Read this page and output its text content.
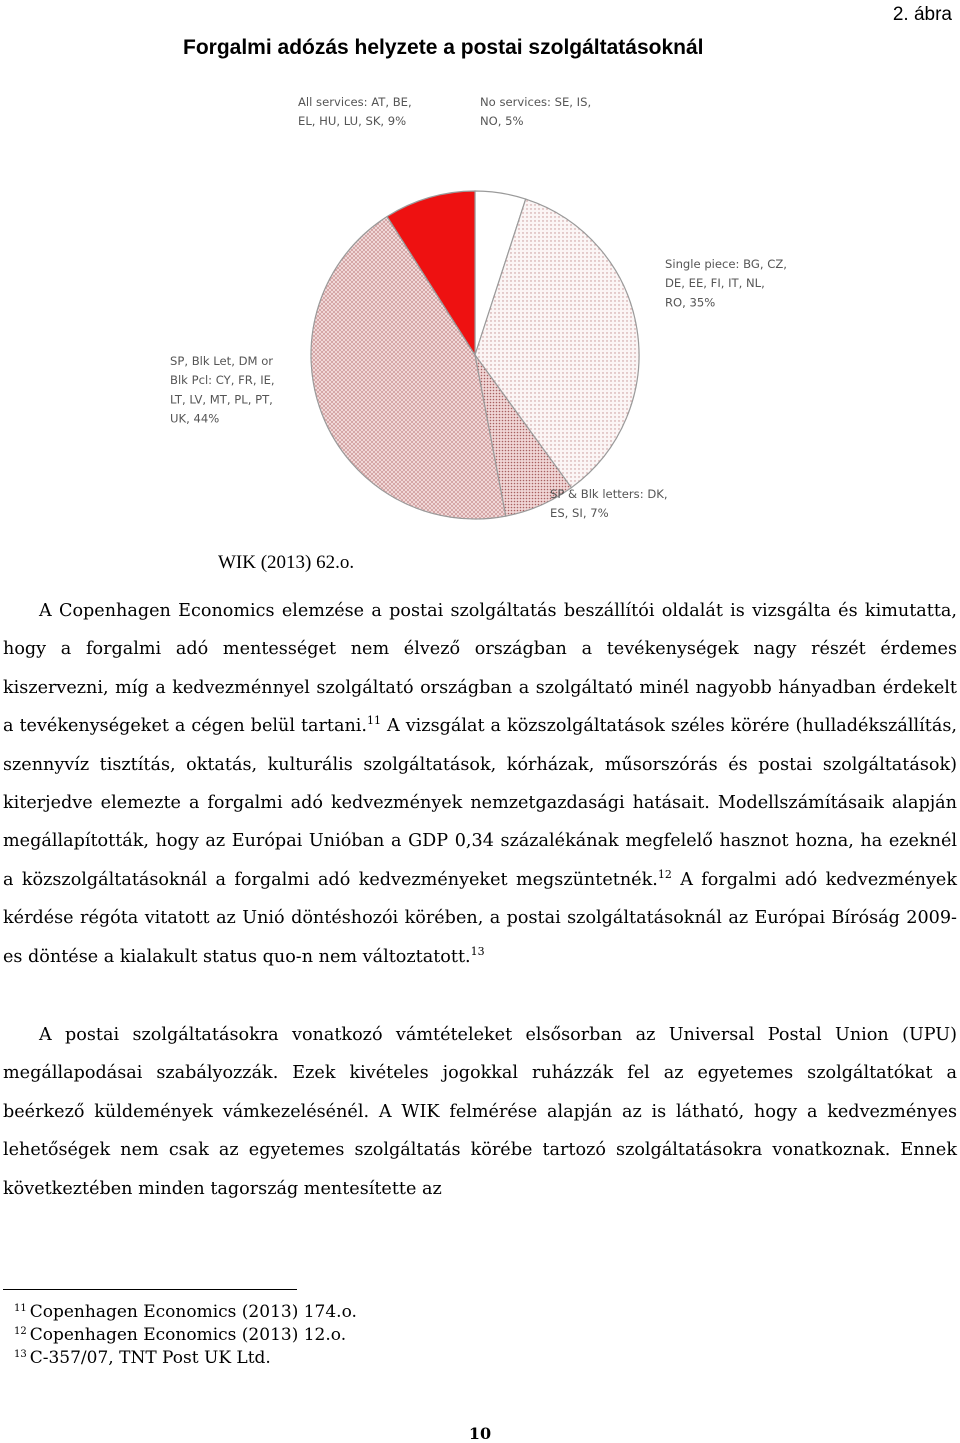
2. ábra
Forgalmi adózás helyzete a postai szolgáltatásoknál
No services: SE, IS, NO, 5%
Single piece: BG, CZ, DE, EE, FI, IT, NL, RO, 35%
SP & Blk letters: DK, ES, SI, 7%
SP, Blk Let, DM or Blk Pcl: CY, FR, IE, LT, LV, MT, PL, PT, UK, 44%
All services: AT, BE, EL, HU, LU, SK, 9%
WIK (2013) 62.o.
A Copenhagen Economics elemzése a postai szolgáltatás beszállítói oldalát is vizsgálta és kimutatta, hogy a forgalmi adó mentességet nem élvező országban a tevékenységek nagy részét érdemes kiszervezni, míg a kedvezménnyel szolgáltató országban a szolgáltató minél nagyobb hányadban érdekelt a tevékenységeket a cégen belül tartani.$^{11}$ A vizsgálat a közszolgáltatások széles körére (hulladékszállítás, szennyvíz tisztítás, oktatás, kulturális szolgáltatások, kórházak, műsorszórás és postai szolgáltatások) kiterjedve elemezte a forgalmi adó kedvezmények nemzetgazdasági hatásait. Modellszámításaik alapján megállapították, hogy az Európai Unióban a GDP 0,34 százalékának megfelelő hasznot hozna, ha ezeknél a közszolgáltatásoknál a forgalmi adó kedvezményeket megszüntetnék.$^{12}$ A forgalmi adó kedvezmények kérdése régóta vitatott az Unió döntéshozói körében, a postai szolgáltatásoknál az Európai Bíróság 2009-es döntése a kialakult status quo-n nem változtatott.$^{13}$
A postai szolgáltatásokra vonatkozó vámtételeket elsősorban az Universal Postal Union (UPU) megállapodásai szabályozzák. Ezek kivételes jogokkal ruházzák fel az egyetemes szolgáltatókat a beérkező küldemények vámkezelésénél. A WIK felmérése alapján az is látható, hogy a kedvezményes lehetőségek nem csak az egyetemes szolgáltatás körébe tartozó szolgáltatásokra vonatkoznak. Ennek következtében minden tagország mentesítette az
$^{11}$ Copenhagen Economics (2013) 174.o.
$^{12}$ Copenhagen Economics (2013) 12.o.
$^{13}$ C-357/07, TNT Post UK Ltd.
10
